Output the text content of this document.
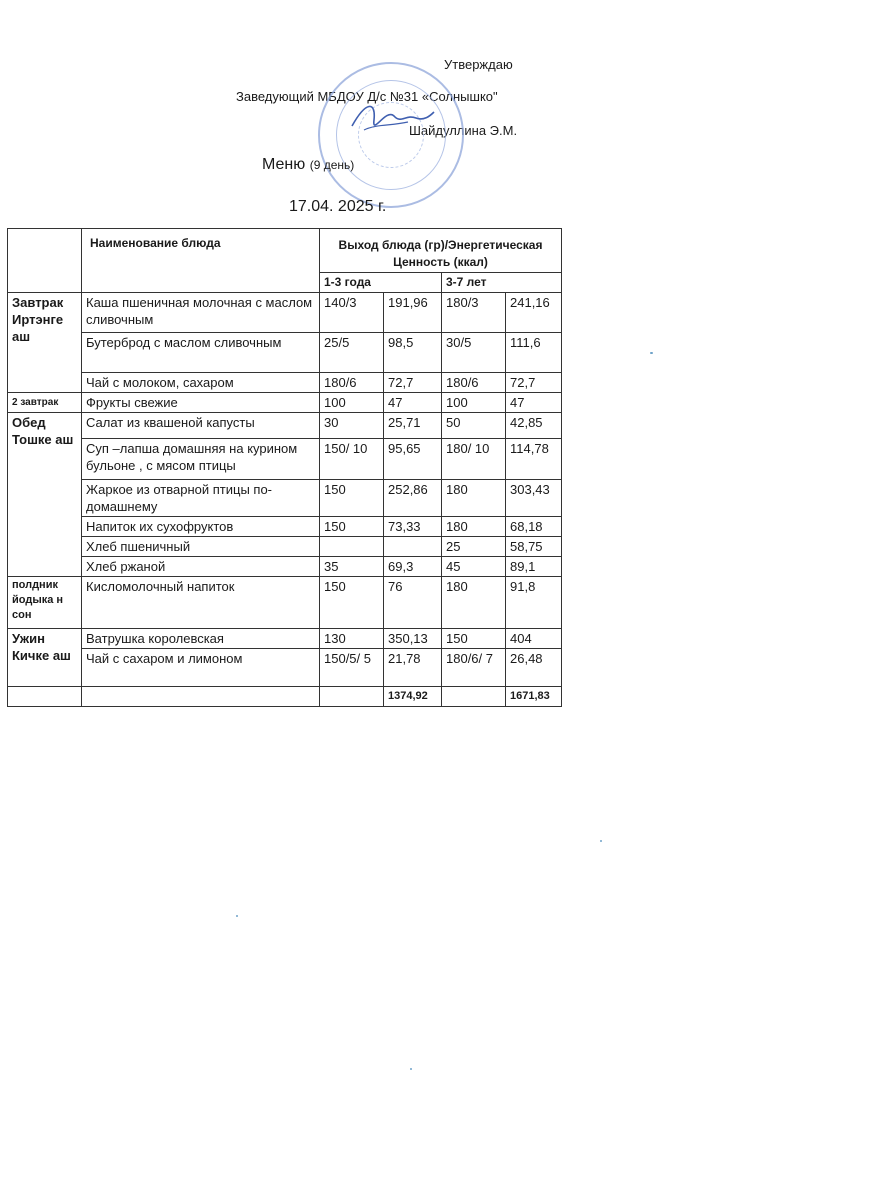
Утверждаю
Заведующий МБДОУ Д/с №31 «Солнышко"
Шайдуллина Э.М.
Меню (9 день)
17.04. 2025 г.
	Наименование блюда	Выход блюда (гр)/Энергетическая Ценность (ккал)			
		1-3 года		3-7 лет	
Завтрак Иртэнге аш	Каша пшеничная молочная с маслом сливочным	140/3	191,96	180/3	241,16
	Бутерброд с маслом сливочным	25/5	98,5	30/5	111,6
	Чай с молоком, сахаром	180/6	72,7	180/6	72,7
2 завтрак	Фрукты свежие	100	47	100	47
Обед Тошке аш	Салат из квашеной капусты	30	25,71	50	42,85
	Суп –лапша домашняя на курином бульоне , с мясом птицы	150/ 10	95,65	180/ 10	114,78
	Жаркое из отварной птицы по-домашнему	150	252,86	180	303,43
	Напиток их сухофруктов	150	73,33	180	68,18
	Хлеб пшеничный			25	58,75
	Хлеб ржаной	35	69,3	45	89,1
полдник йодыка н сон	Кисломолочный напиток	150	76	180	91,8
Ужин Кичке аш	Ватрушка королевская	130	350,13	150	404
	Чай с сахаром и лимоном	150/5/ 5	21,78	180/6/ 7	26,48
			1374,92		1671,83
